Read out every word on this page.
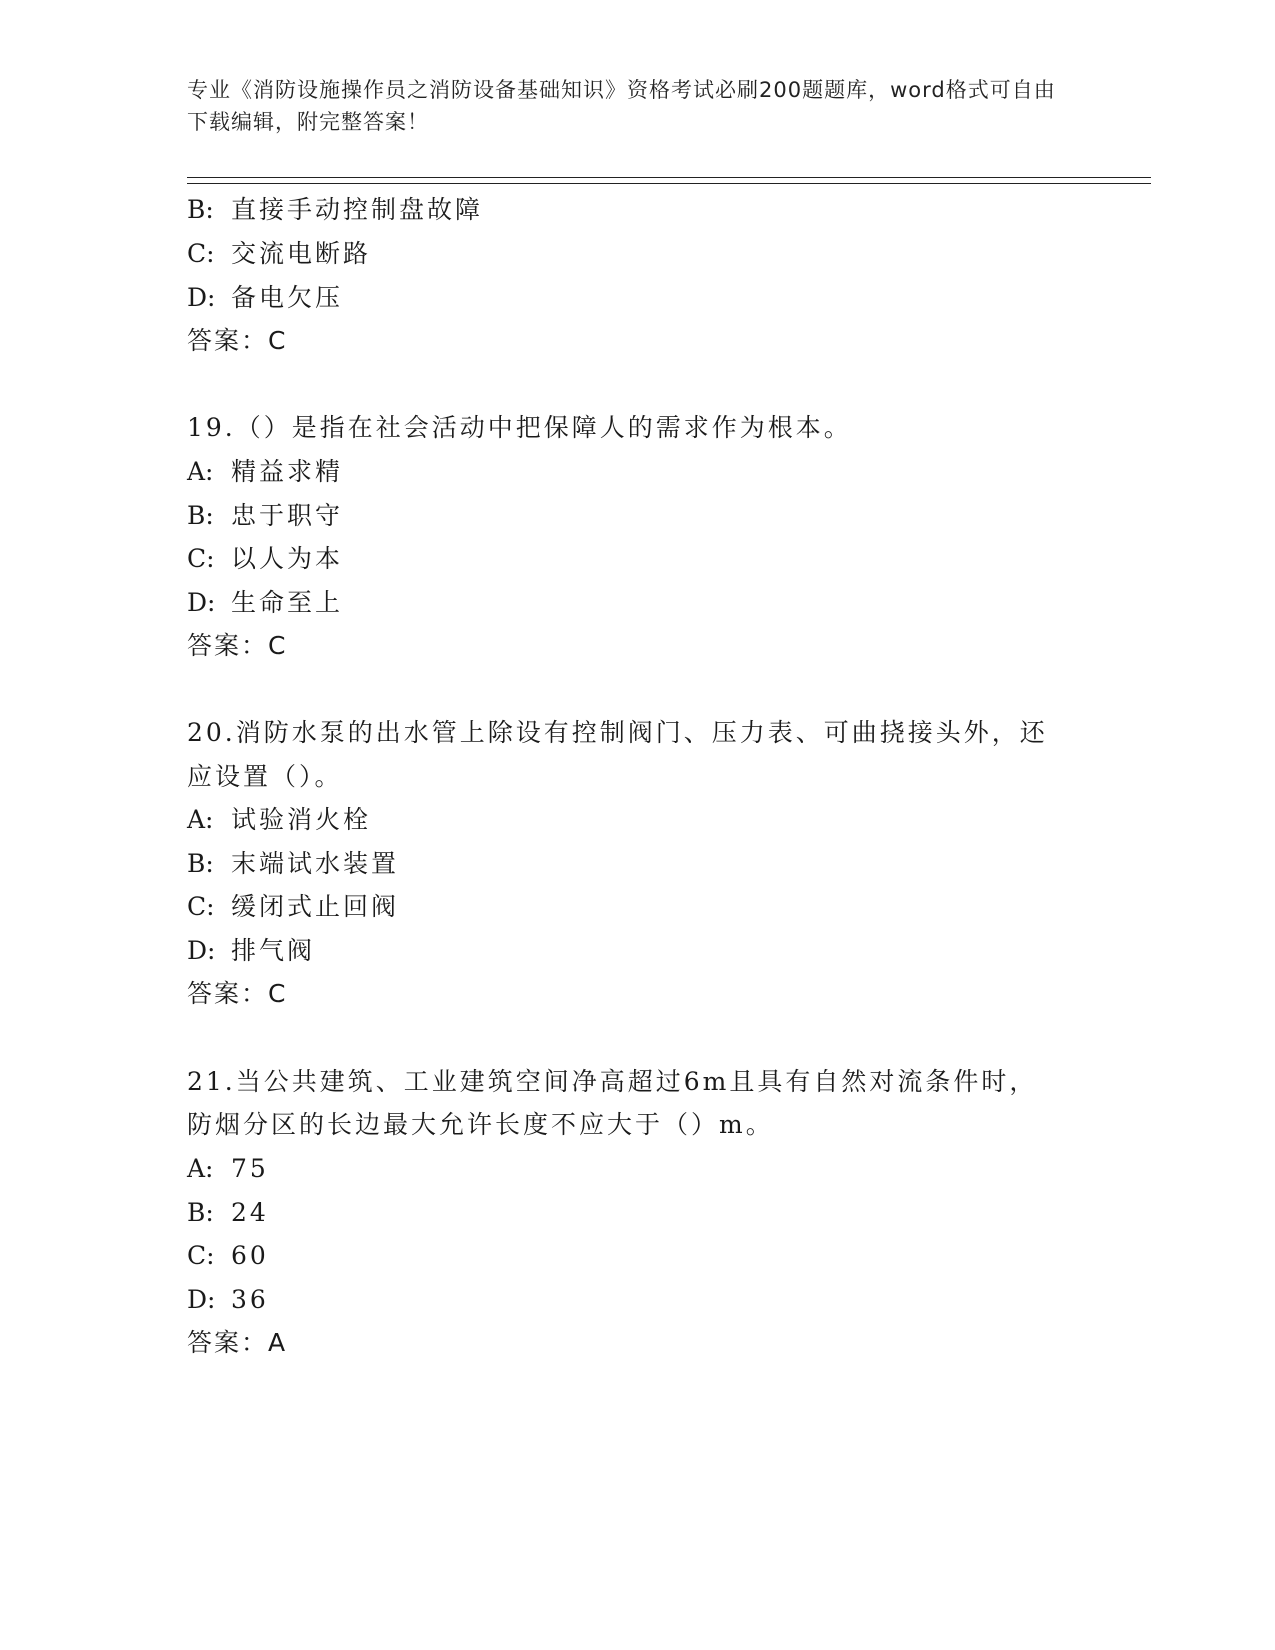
专业《消防设施操作员之消防设备基础知识》资格考试必刷200题题库，word格式可自由下载编辑，附完整答案！
B: 直接手动控制盘故障
C: 交流电断路
D: 备电欠压
答案：C
19.（）是指在社会活动中把保障人的需求作为根本。
A: 精益求精
B: 忠于职守
C: 以人为本
D: 生命至上
答案：C
20.消防水泵的出水管上除设有控制阀门、压力表、可曲挠接头外，还
应设置（）。
A: 试验消火栓
B: 末端试水装置
C: 缓闭式止回阀
D: 排气阀
答案：C
21.当公共建筑、工业建筑空间净高超过6m且具有自然对流条件时，
防烟分区的长边最大允许长度不应大于（）m。
A: 75
B: 24
C: 60
D: 36
答案：A
